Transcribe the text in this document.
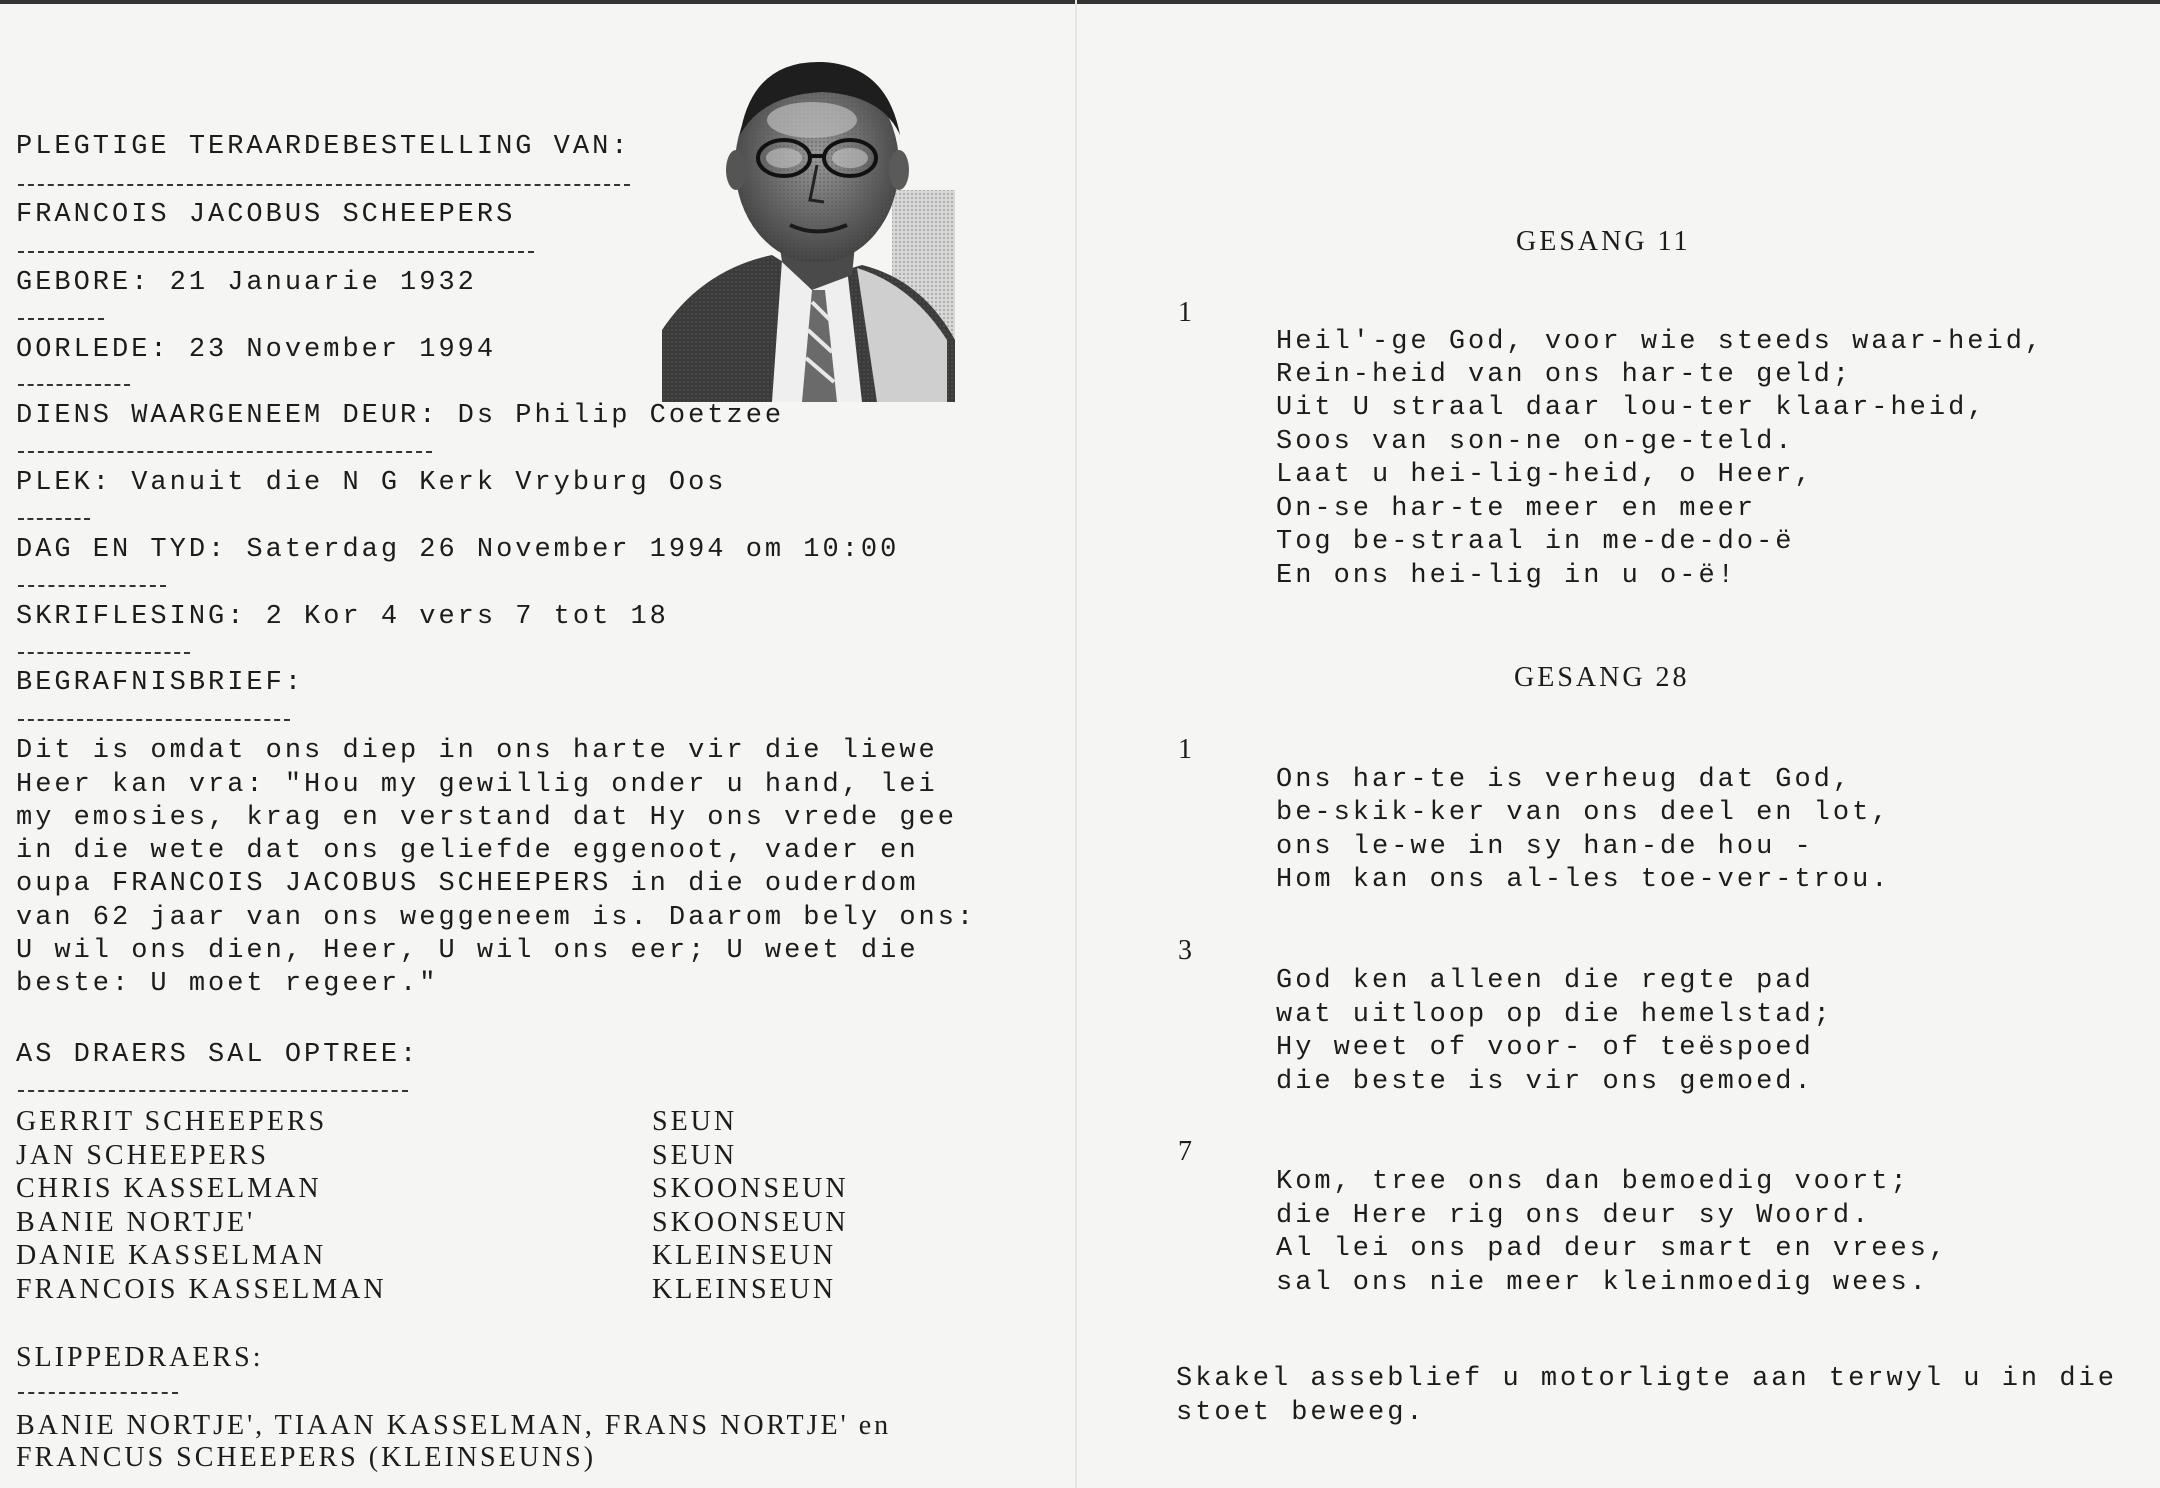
PLEGTIGE TERAARDEBESTELLING VAN:
FRANCOIS JACOBUS SCHEEPERS
GEBORE: 21 Januarie 1932
OORLEDE: 23 November 1994
DIENS WAARGENEEM DEUR: Ds Philip Coetzee
PLEK: Vanuit die N G Kerk Vryburg Oos
DAG EN TYD: Saterdag 26 November 1994 om 10:00
SKRIFLESING: 2 Kor 4 vers 7 tot 18
BEGRAFNISBRIEF:
Dit is omdat ons diep in ons harte vir die liewe
Heer kan vra: "Hou my gewillig onder u hand, lei
my emosies, krag en verstand dat Hy ons vrede gee
in die wete dat ons geliefde eggenoot, vader en
oupa FRANCOIS JACOBUS SCHEEPERS in die ouderdom
van 62 jaar van ons weggeneem is. Daarom bely ons:
U wil ons dien, Heer, U wil ons eer; U weet die
beste: U moet regeer."
AS DRAERS SAL OPTREE:
GERRIT SCHEEPERS	SEUN
JAN SCHEEPERS	SEUN
CHRIS KASSELMAN	SKOONSEUN
BANIE NORTJE'	SKOONSEUN
DANIE KASSELMAN	KLEINSEUN
FRANCOIS KASSELMAN	KLEINSEUN
SLIPPEDRAERS:
BANIE NORTJE', TIAAN KASSELMAN, FRANS NORTJE' en
FRANCUS SCHEEPERS (KLEINSEUNS)
GESANG 11
1
Heil'-ge God, voor wie steeds waar-heid,
Rein-heid van ons har-te geld;
Uit U straal daar lou-ter klaar-heid,
Soos van son-ne on-ge-teld.
Laat u hei-lig-heid, o Heer,
On-se har-te meer en meer
Tog be-straal in me-de-do-ë
En ons hei-lig in u o-ë!
GESANG 28
1
Ons har-te is verheug dat God,
be-skik-ker van ons deel en lot,
ons le-we in sy han-de hou -
Hom kan ons al-les toe-ver-trou.
3
God ken alleen die regte pad
wat uitloop op die hemelstad;
Hy weet of voor- of teëspoed
die beste is vir ons gemoed.
7
Kom, tree ons dan bemoedig voort;
die Here rig ons deur sy Woord.
Al lei ons pad deur smart en vrees,
sal ons nie meer kleinmoedig wees.
Skakel asseblief u motorligte aan terwyl u in die
stoet beweeg.
